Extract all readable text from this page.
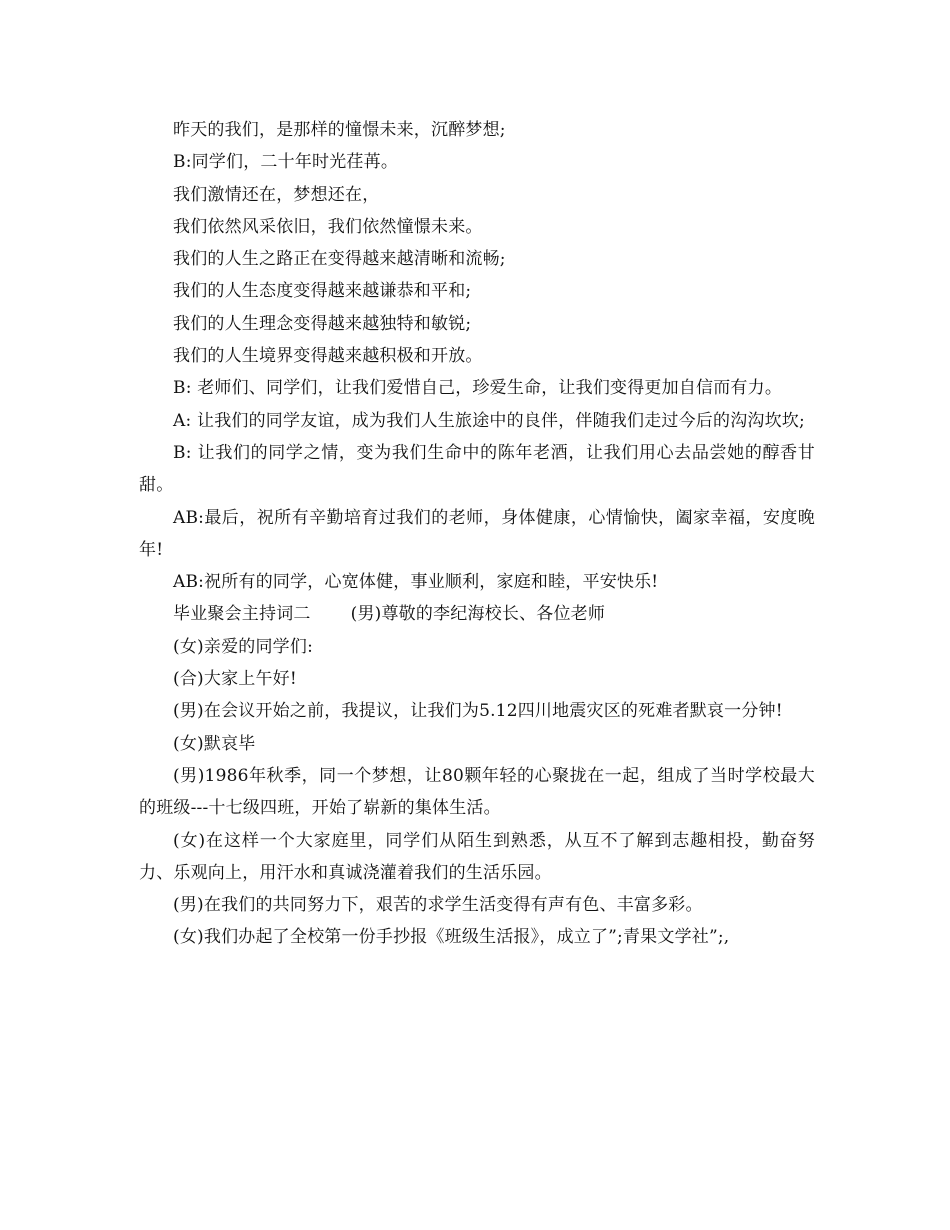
昨天的我们，是那样的憧憬未来，沉醉梦想;

B:同学们，二十年时光荏苒。

我们激情还在，梦想还在，

我们依然风采依旧，我们依然憧憬未来。

我们的人生之路正在变得越来越清晰和流畅;

我们的人生态度变得越来越谦恭和平和;

我们的人生理念变得越来越独特和敏锐;

我们的人生境界变得越来越积极和开放。

B: 老师们、同学们，让我们爱惜自己，珍爱生命，让我们变得更加自信而有力。

A: 让我们的同学友谊，成为我们人生旅途中的良伴，伴随我们走过今后的沟沟坎坎;

B: 让我们的同学之情，变为我们生命中的陈年老酒，让我们用心去品尝她的醇香甘甜。

AB:最后，祝所有辛勤培育过我们的老师，身体健康，心情愉快，阖家幸福，安度晚年!

AB:祝所有的同学，心宽体健，事业顺利，家庭和睦，平安快乐!

毕业聚会主持词二 (男)尊敬的李纪海校长、各位老师

(女)亲爱的同学们:

(合)大家上午好!

(男)在会议开始之前，我提议，让我们为5.12四川地震灾区的死难者默哀一分钟!

(女)默哀毕

(男)1986年秋季，同一个梦想，让80颗年轻的心聚拢在一起，组成了当时学校最大的班级---十七级四班，开始了崭新的集体生活。

(女)在这样一个大家庭里，同学们从陌生到熟悉，从互不了解到志趣相投，勤奋努力、乐观向上，用汗水和真诚浇灌着我们的生活乐园。

(男)在我们的共同努力下，艰苦的求学生活变得有声有色、丰富多彩。

(女)我们办起了全校第一份手抄报《班级生活报》，成立了”;青果文学社”;,
